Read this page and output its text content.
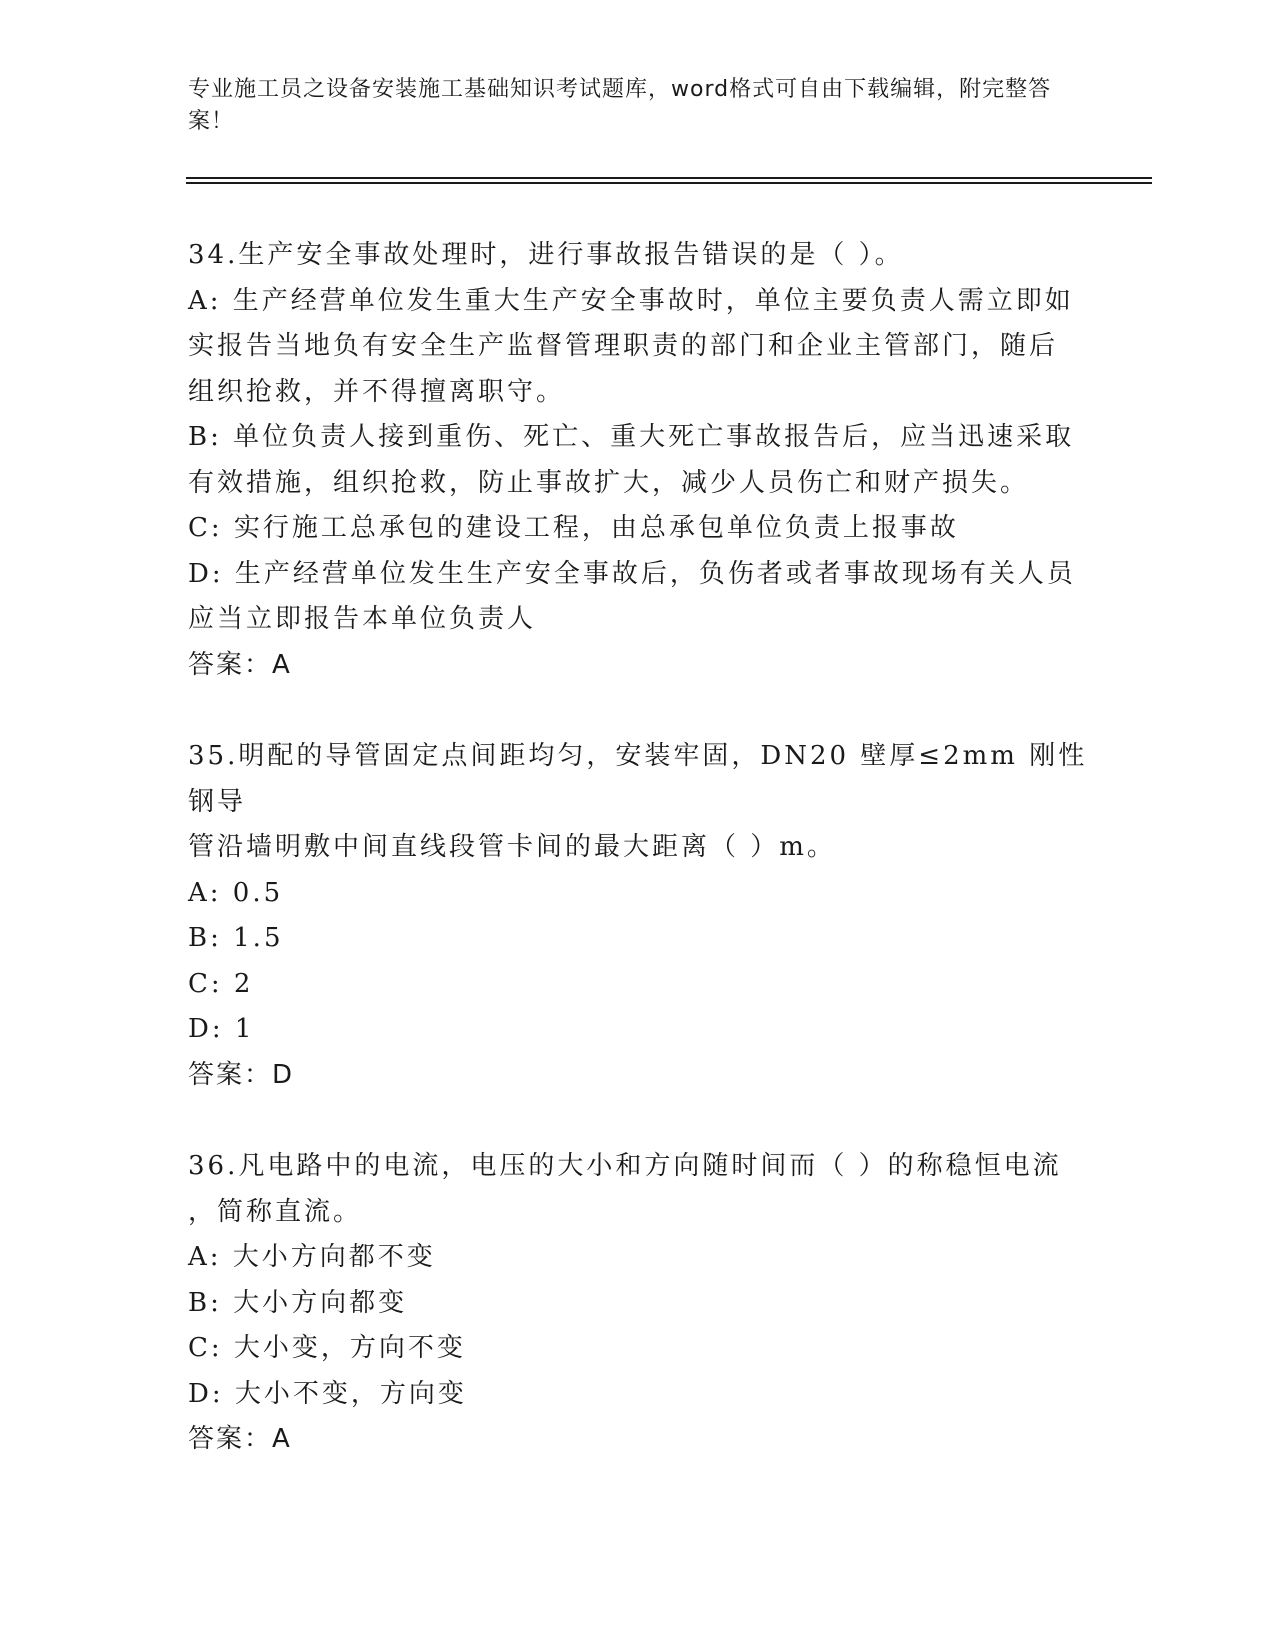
专业施工员之设备安装施工基础知识考试题库，word格式可自由下载编辑，附完整答案！
34.生产安全事故处理时，进行事故报告错误的是（ ）。
A: 生产经营单位发生重大生产安全事故时，单位主要负责人需立即如
实报告当地负有安全生产监督管理职责的部门和企业主管部门，随后
组织抢救，并不得擅离职守。
B: 单位负责人接到重伤、死亡、重大死亡事故报告后，应当迅速采取
有效措施，组织抢救，防止事故扩大，减少人员伤亡和财产损失。
C: 实行施工总承包的建设工程，由总承包单位负责上报事故
D: 生产经营单位发生生产安全事故后，负伤者或者事故现场有关人员
应当立即报告本单位负责人
答案：A
35.明配的导管固定点间距均匀，安装牢固，DN20 壁厚≤2mm 刚性钢导
管沿墙明敷中间直线段管卡间的最大距离（ ）m。
A: 0.5
B: 1.5
C: 2
D: 1
答案：D
36.凡电路中的电流，电压的大小和方向随时间而（ ）的称稳恒电流
，简称直流。
A: 大小方向都不变
B: 大小方向都变
C: 大小变，方向不变
D: 大小不变，方向变
答案：A
